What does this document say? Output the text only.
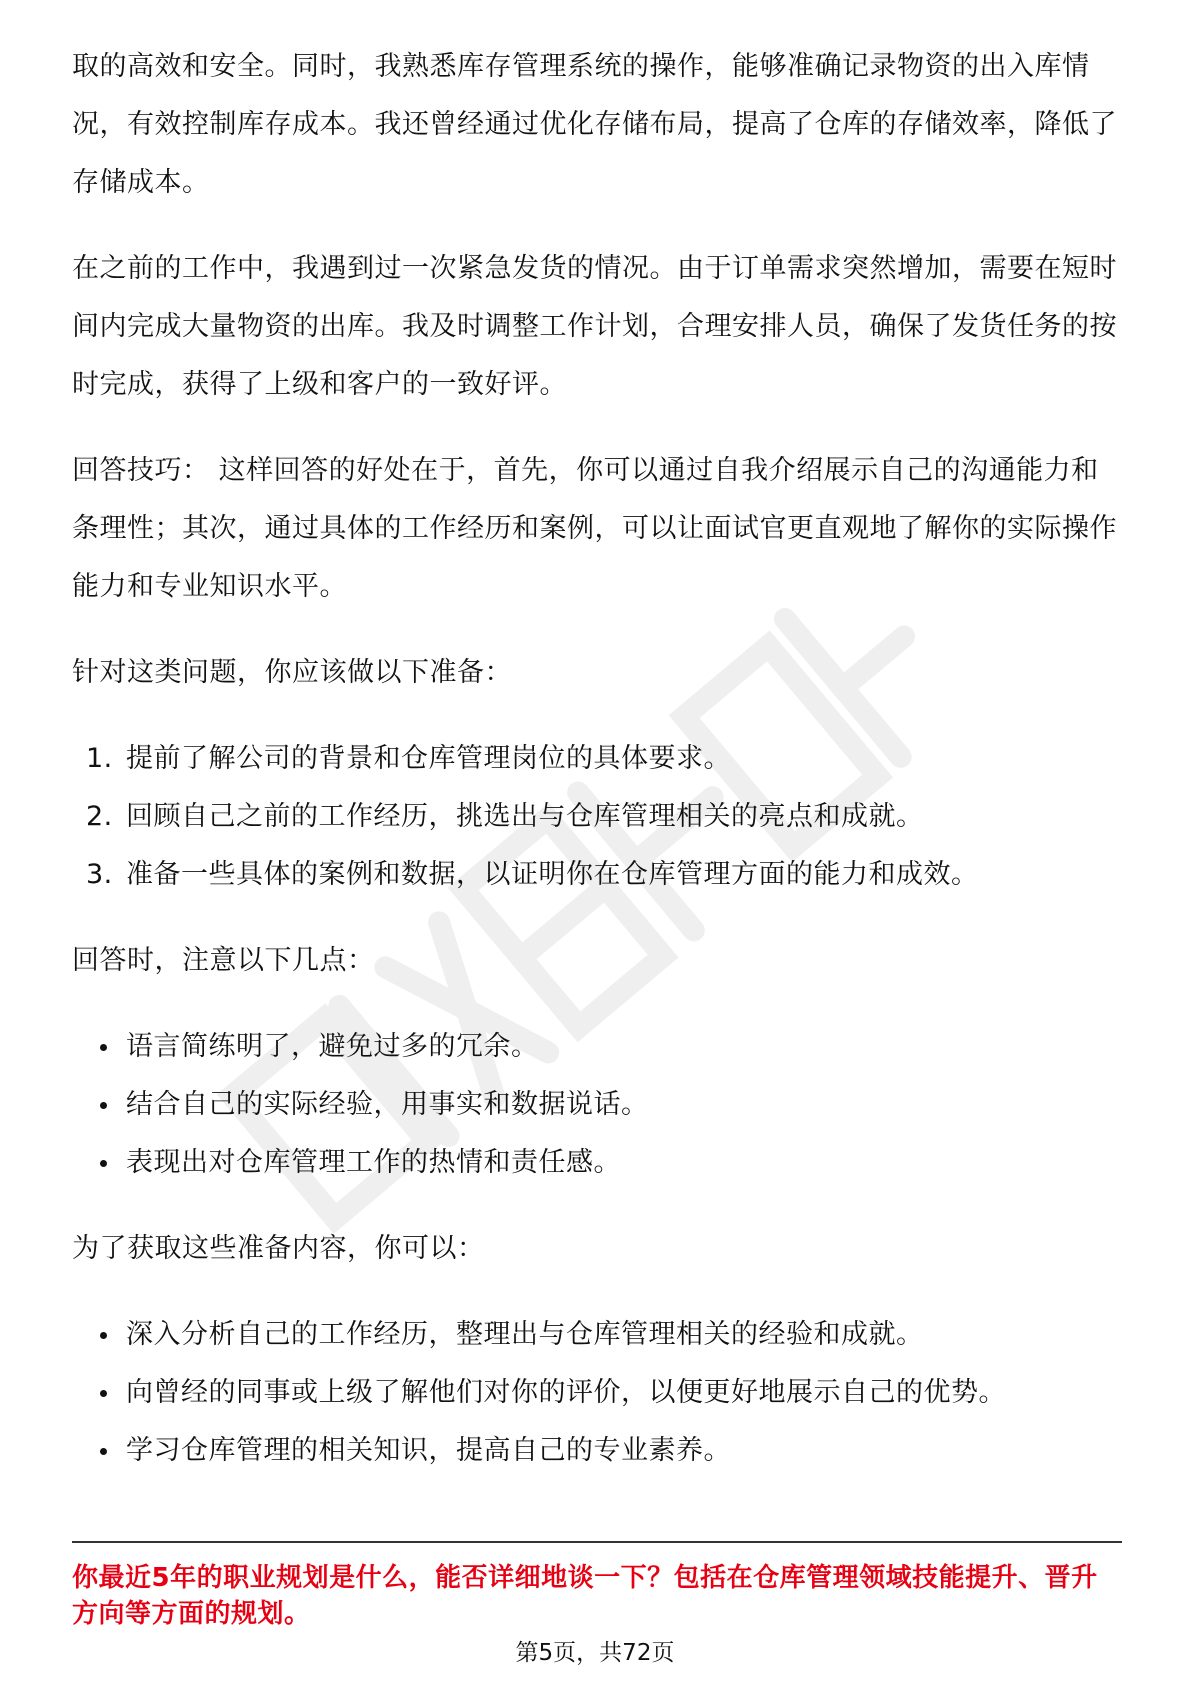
取的高效和安全。同时，我熟悉库存管理系统的操作，能够准确记录物资的出入库情况，有效控制库存成本。我还曾经通过优化存储布局，提高了仓库的存储效率，降低了存储成本。

在之前的工作中，我遇到过一次紧急发货的情况。由于订单需求突然增加，需要在短时间内完成大量物资的出库。我及时调整工作计划，合理安排人员，确保了发货任务的按时完成，获得了上级和客户的一致好评。

回答技巧： 这样回答的好处在于，首先，你可以通过自我介绍展示自己的沟通能力和条理性；其次，通过具体的工作经历和案例，可以让面试官更直观地了解你的实际操作能力和专业知识水平。

针对这类问题，你应该做以下准备：

1. 提前了解公司的背景和仓库管理岗位的具体要求。
2. 回顾自己之前的工作经历，挑选出与仓库管理相关的亮点和成就。
3. 准备一些具体的案例和数据，以证明你在仓库管理方面的能力和成效。

回答时，注意以下几点：

语言简练明了，避免过多的冗余。
结合自己的实际经验，用事实和数据说话。
表现出对仓库管理工作的热情和责任感。

为了获取这些准备内容，你可以：

深入分析自己的工作经历，整理出与仓库管理相关的经验和成就。
向曾经的同事或上级了解他们对你的评价，以便更好地展示自己的优势。
学习仓库管理的相关知识，提高自己的专业素养。
你最近5年的职业规划是什么，能否详细地谈一下？包括在仓库管理领域技能提升、晋升方向等方面的规划。
第5页，共72页
